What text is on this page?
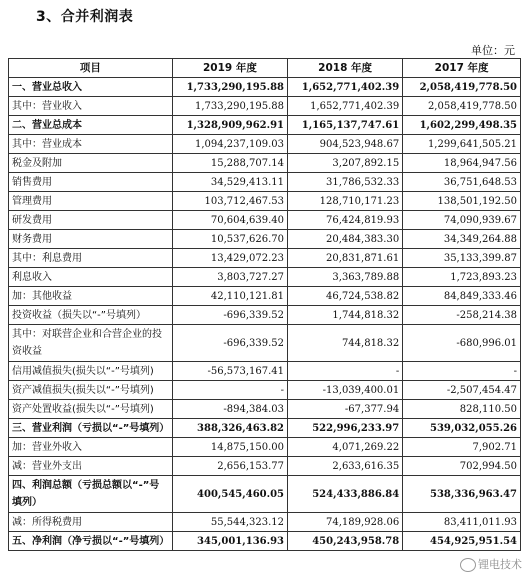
3、合并利润表
单位：元
项目	2019 年度	2018 年度	2017 年度
一、营业总收入	1,733,290,195.88	1,652,771,402.39	2,058,419,778.50
其中：营业收入	1,733,290,195.88	1,652,771,402.39	2,058,419,778.50
二、营业总成本	1,328,909,962.91	1,165,137,747.61	1,602,299,498.35
其中：营业成本	1,094,237,109.03	904,523,948.67	1,299,641,505.21
税金及附加	15,288,707.14	3,207,892.15	18,964,947.56
销售费用	34,529,413.11	31,786,532.33	36,751,648.53
管理费用	103,712,467.53	128,710,171.23	138,501,192.50
研发费用	70,604,639.40	76,424,819.93	74,090,939.67
财务费用	10,537,626.70	20,484,383.30	34,349,264.88
其中：利息费用	13,429,072.23	20,831,871.61	35,133,399.87
利息收入	3,803,727.27	3,363,789.88	1,723,893.23
加：其他收益	42,110,121.81	46,724,538.82	84,849,333.46
投资收益（损失以“-”号填列）	-696,339.52	1,744,818.32	-258,214.38
其中：对联营企业和合营企业的投资收益	-696,339.52	744,818.32	-680,996.01
信用减值损失(损失以“-”号填列)	-56,573,167.41	-	-
资产减值损失(损失以“-”号填列)	-	-13,039,400.01	-2,507,454.47
资产处置收益(损失以“-”号填列)	-894,384.03	-67,377.94	828,110.50
三、营业利润（亏损以“-”号填列）	388,326,463.82	522,996,233.97	539,032,055.26
加：营业外收入	14,875,150.00	4,071,269.22	7,902.71
减：营业外支出	2,656,153.77	2,633,616.35	702,994.50
四、利润总额（亏损总额以“-”号填列）	400,545,460.05	524,433,886.84	538,336,963.47
减：所得税费用	55,544,323.12	74,189,928.06	83,411,011.93
五、净利润（净亏损以“-”号填列）	345,001,136.93	450,243,958.78	454,925,951.54
锂电技术
